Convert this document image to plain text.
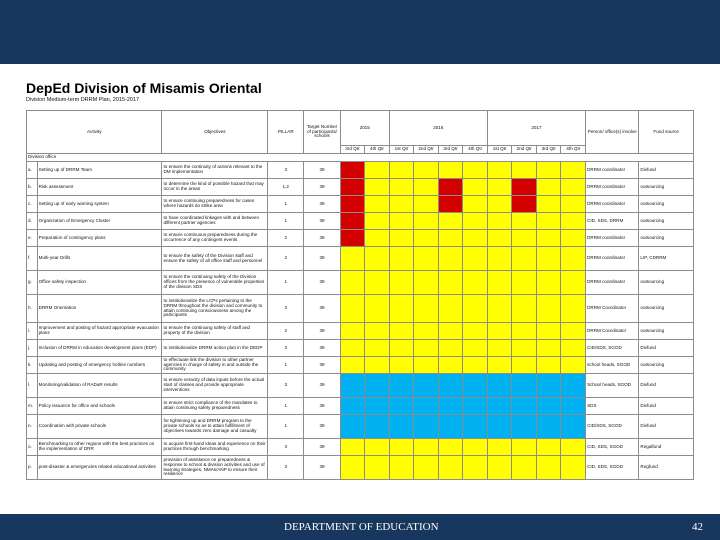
DepEd Division of Misamis Oriental
Division Medium-term DRRM Plan, 2015-2017
Activity		Objectives	PILLAR	Target Number of participants/ schools	2015		2016				2017				Person/ office(s) involve	Fund source
					3rd Qtr	4th Qtr	1st Qtr	2nd Qtr	3rd Qtr	4th Qtr	1st Qtr	2nd Qtr	3rd Qtr	4th Qtr		
Division office																
a.	Setting up of DRRM Team	to ensure the continuity of actions relevant to the DM implementation	3	39											DRRM coordinator	Divfund
b.	Risk assessment	to determine the kind of possible hazard that may occur in the areas	1,2	39											DRRM coordinator	outsourcing
c.	Setting up of early warning system	to ensure continuing preparedness for cases where hazards do strike area	1	39											DRRM coordinator	outsourcing
d.	Organization of Emergency Cluster	to have coordinated linkages with and between different partner agencies	1	39											CID, SDS, DRRM	outsourcing
e.	Preparation of contingency plans	to ensure continuous preparedness during the occurrence of any contingent events	2	39											DRRM coordinator	outsourcing
f.	Multi-year Drills	to ensure the safety of the Division staff and ensure the safety of all office staff and personnel	2	39											DRRM coordinator	LIP, CDRRM
g.	Office safety inspection	to ensure the continuing safety of the Division offices from the presence of vulnerable properties of the division SDS	1	39											DRRM coordinator	outsourcing
h.	DRRM Orientation	to institutionalize the LCPs pertaining to the DRRM throughout the division and community to attain continuing consciousness among the participants	3	39											DRRM Coordinator	outsourcing
i.	Improvement and posting of hazard appropriate evacuation plans	to ensure the continuing safety of staff and property of the division	2	39											DRRM Coordinator	outsourcing
j.	Inclusion of DRRM in education development plans (EDP)	to institutionalize DRRM action plan in the DEDP	3	39											CID/SDS, SGOD	Divfund
k.	Updating and posting of emergency hotline numbers	to effectuate link the division to other partner agencies in charge of safety in and outside the community	1	39											school heads, SGOD	outsourcing
l.	Monitoring/validation of RADaR results	to ensure veracity of data inputs before the actual start of classes and provide appropriate interventions	3	39											School heads, SGOD	Divfund
m.	Policy issuance for office and schools	to ensure strict compliance of the mandates to attain continuing safety preparedness	1	39											SDS	Divfund
n.	Coordination with private schools	for tightening up and DRRM program to the private schools so as to attain fulfillment of objectives towards zero damage and casualty	1	39											CID/SDS, SGOD	Divfund
o.	Benchmarking to other regions with the best practices on the implementation of DRR	to acquire first-hand ideas and experience on their practices through benchmarking	3	39											CID, SDS, SGOD	Regalfund
p.	post-disaster & emergencies related educational activities	provision of assistance on preparedness & response to school & division activities and use of learning strategies, NMAs/ANP to ensure their resilience	3	39											CID, SDS, SGOD	Regfund
DEPARTMENT OF EDUCATION	42
